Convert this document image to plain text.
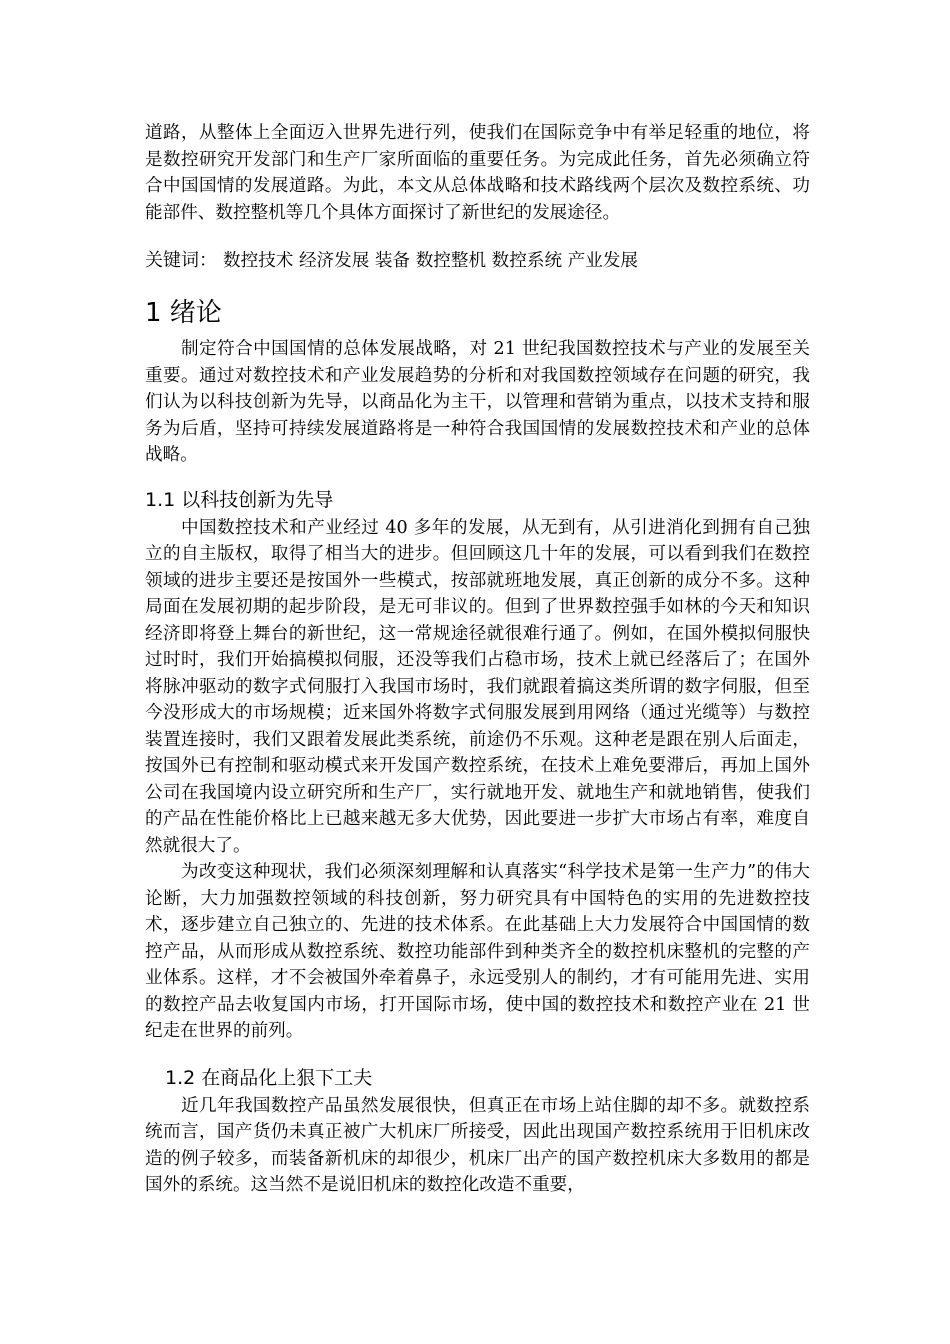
道路，从整体上全面迈入世界先进行列，使我们在国际竞争中有举足轻重的地位，将是数控研究开发部门和生产厂家所面临的重要任务。为完成此任务，首先必须确立符合中国国情的发展道路。为此，本文从总体战略和技术路线两个层次及数控系统、功能部件、数控整机等几个具体方面探讨了新世纪的发展途径。

关键词： 数控技术 经济发展 装备 数控整机 数控系统 产业发展
1 绪论

制定符合中国国情的总体发展战略，对 21 世纪我国数控技术与产业的发展至关重要。通过对数控技术和产业发展趋势的分析和对我国数控领域存在问题的研究，我们认为以科技创新为先导，以商品化为主干，以管理和营销为重点，以技术支持和服务为后盾，坚持可持续发展道路将是一种符合我国国情的发展数控技术和产业的总体战略。

1.1 以科技创新为先导

中国数控技术和产业经过 40 多年的发展，从无到有，从引进消化到拥有自己独立的自主版权，取得了相当大的进步。但回顾这几十年的发展，可以看到我们在数控领域的进步主要还是按国外一些模式，按部就班地发展，真正创新的成分不多。这种局面在发展初期的起步阶段，是无可非议的。但到了世界数控强手如林的今天和知识经济即将登上舞台的新世纪，这一常规途径就很难行通了。例如，在国外模拟伺服快过时时，我们开始搞模拟伺服，还没等我们占稳市场，技术上就已经落后了；在国外将脉冲驱动的数字式伺服打入我国市场时，我们就跟着搞这类所谓的数字伺服，但至今没形成大的市场规模；近来国外将数字式伺服发展到用网络（通过光缆等）与数控装置连接时，我们又跟着发展此类系统，前途仍不乐观。这种老是跟在别人后面走，按国外已有控制和驱动模式来开发国产数控系统，在技术上难免要滞后，再加上国外公司在我国境内设立研究所和生产厂，实行就地开发、就地生产和就地销售，使我们的产品在性能价格比上已越来越无多大优势，因此要进一步扩大市场占有率，难度自然就很大了。

为改变这种现状，我们必须深刻理解和认真落实“科学技术是第一生产力”的伟大论断，大力加强数控领域的科技创新，努力研究具有中国特色的实用的先进数控技术，逐步建立自己独立的、先进的技术体系。在此基础上大力发展符合中国国情的数控产品，从而形成从数控系统、数控功能部件到种类齐全的数控机床整机的完整的产业体系。这样，才不会被国外牵着鼻子，永远受别人的制约，才有可能用先进、实用的数控产品去收复国内市场，打开国际市场，使中国的数控技术和数控产业在 21 世纪走在世界的前列。

1.2 在商品化上狠下工夫

近几年我国数控产品虽然发展很快，但真正在市场上站住脚的却不多。就数控系统而言，国产货仍未真正被广大机床厂所接受，因此出现国产数控系统用于旧机床改造的例子较多，而装备新机床的却很少，机床厂出产的国产数控机床大多数用的都是国外的系统。这当然不是说旧机床的数控化改造不重要，
